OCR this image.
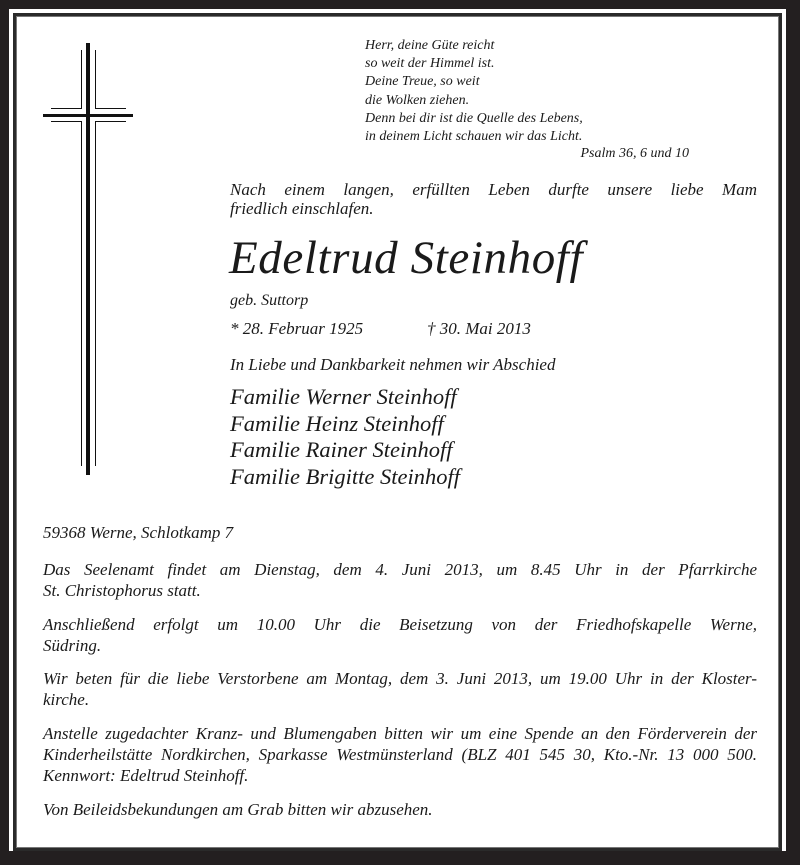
Herr, deine Güte reicht
so weit der Himmel ist.
Deine Treue, so weit
die Wolken ziehen.
Denn bei dir ist die Quelle des Lebens,
in deinem Licht schauen wir das Licht.
Psalm 36, 6 und 10
Nach einem langen, erfüllten Leben durfte unsere liebe Mam
friedlich einschlafen.
Edeltrud Steinhoff
geb. Suttorp
* 28. Februar 1925	† 30. Mai 2013
In Liebe und Dankbarkeit nehmen wir Abschied
Familie Werner Steinhoff
Familie Heinz Steinhoff
Familie Rainer Steinhoff
Familie Brigitte Steinhoff
59368 Werne, Schlotkamp 7
Das Seelenamt findet am Dienstag, dem 4. Juni 2013, um 8.45 Uhr in der Pfarrkirche
St. Christophorus statt.
Anschließend erfolgt um 10.00 Uhr die Beisetzung von der Friedhofskapelle Werne,
Südring.
Wir beten für die liebe Verstorbene am Montag, dem 3. Juni 2013, um 19.00 Uhr in der Kloster-
kirche.
Anstelle zugedachter Kranz- und Blumengaben bitten wir um eine Spende an den Förderverein der
Kinderheilstätte Nordkirchen, Sparkasse Westmünsterland (BLZ 401 545 30, Kto.-Nr. 13 000 500.
Kennwort: Edeltrud Steinhoff.
Von Beileidsbekundungen am Grab bitten wir abzusehen.
